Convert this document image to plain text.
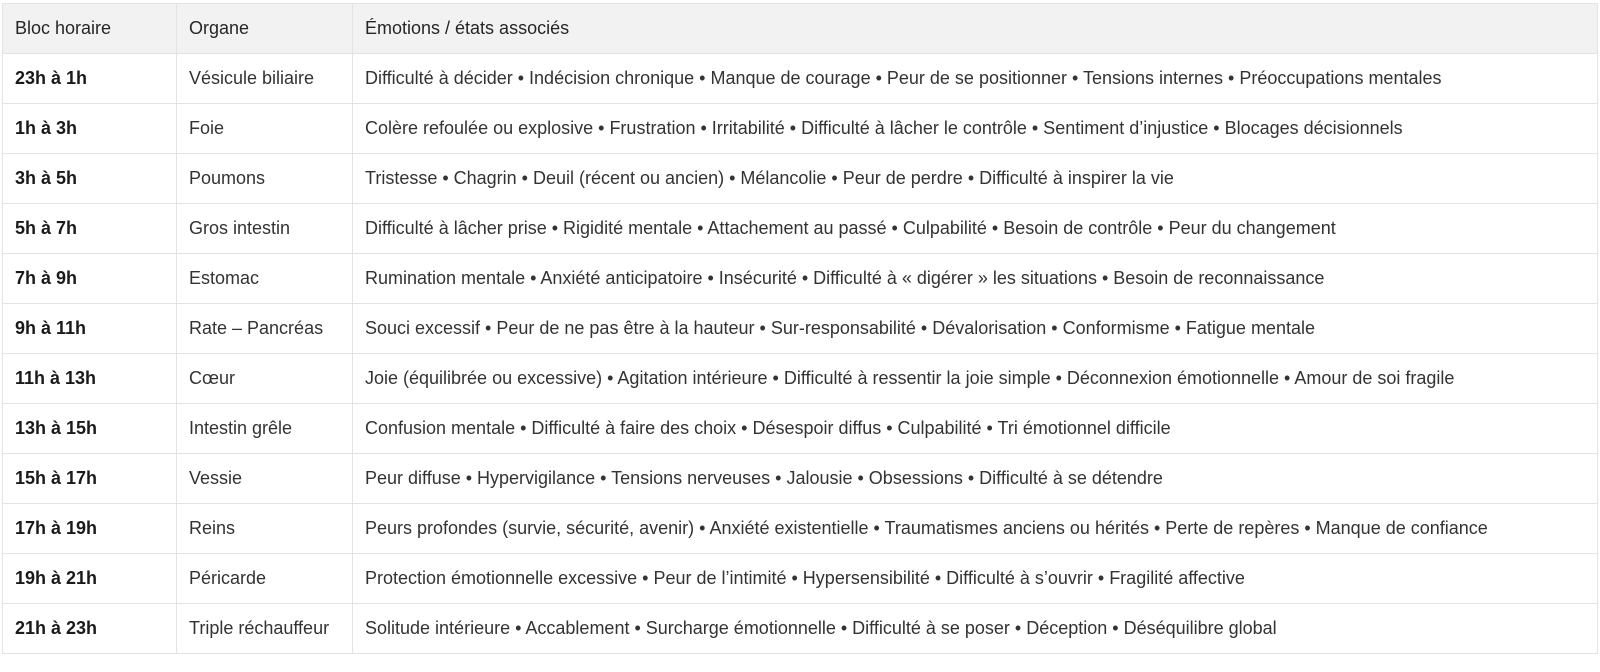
Bloc horaire	Organe	Émotions / états associés
23h à 1h	Vésicule biliaire	Difficulté à décider • Indécision chronique • Manque de courage • Peur de se positionner • Tensions internes • Préoccupations mentales
1h à 3h	Foie	Colère refoulée ou explosive • Frustration • Irritabilité • Difficulté à lâcher le contrôle • Sentiment d’injustice • Blocages décisionnels
3h à 5h	Poumons	Tristesse • Chagrin • Deuil (récent ou ancien) • Mélancolie • Peur de perdre • Difficulté à inspirer la vie
5h à 7h	Gros intestin	Difficulté à lâcher prise • Rigidité mentale • Attachement au passé • Culpabilité • Besoin de contrôle • Peur du changement
7h à 9h	Estomac	Rumination mentale • Anxiété anticipatoire • Insécurité • Difficulté à « digérer » les situations • Besoin de reconnaissance
9h à 11h	Rate – Pancréas	Souci excessif • Peur de ne pas être à la hauteur • Sur-responsabilité • Dévalorisation • Conformisme • Fatigue mentale
11h à 13h	Cœur	Joie (équilibrée ou excessive) • Agitation intérieure • Difficulté à ressentir la joie simple • Déconnexion émotionnelle • Amour de soi fragile
13h à 15h	Intestin grêle	Confusion mentale • Difficulté à faire des choix • Désespoir diffus • Culpabilité • Tri émotionnel difficile
15h à 17h	Vessie	Peur diffuse • Hypervigilance • Tensions nerveuses • Jalousie • Obsessions • Difficulté à se détendre
17h à 19h	Reins	Peurs profondes (survie, sécurité, avenir) • Anxiété existentielle • Traumatismes anciens ou hérités • Perte de repères • Manque de confiance
19h à 21h	Péricarde	Protection émotionnelle excessive • Peur de l’intimité • Hypersensibilité • Difficulté à s’ouvrir • Fragilité affective
21h à 23h	Triple réchauffeur	Solitude intérieure • Accablement • Surcharge émotionnelle • Difficulté à se poser • Déception • Déséquilibre global
